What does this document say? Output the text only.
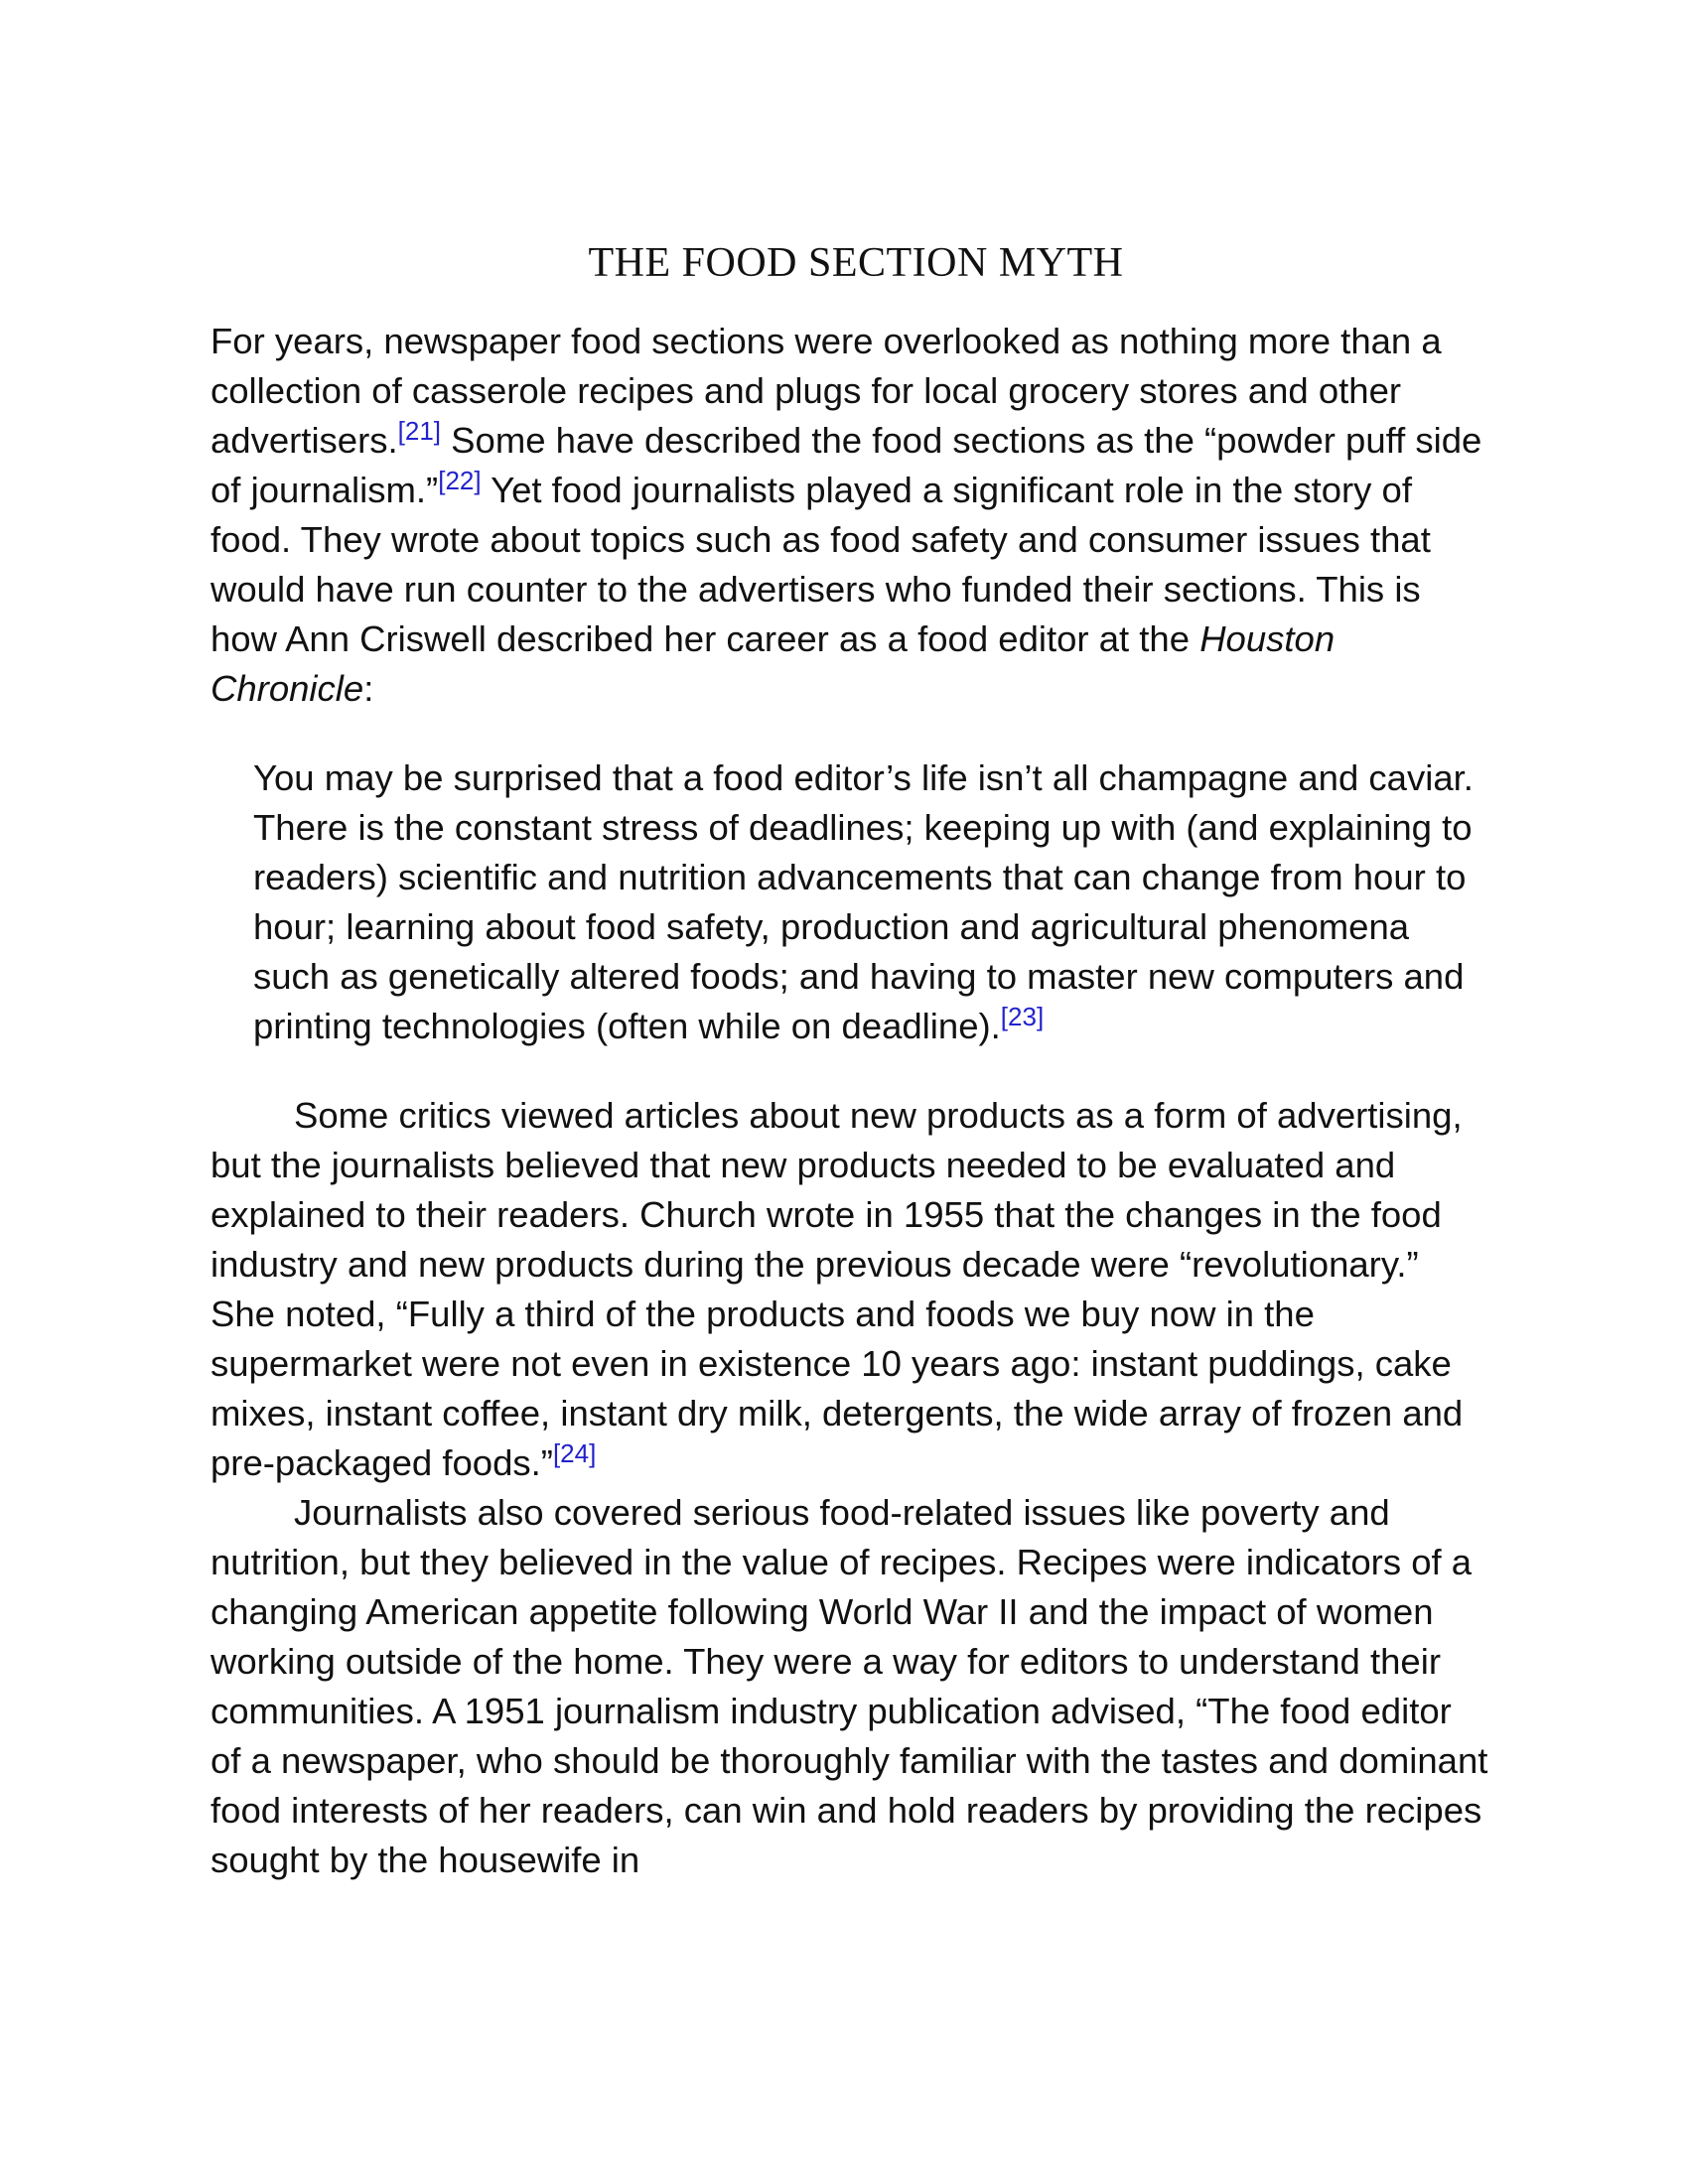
THE FOOD SECTION MYTH

For years, newspaper food sections were overlooked as nothing more than a collection of casserole recipes and plugs for local grocery stores and other advertisers.[21] Some have described the food sections as the “powder puff side of journalism.”[22] Yet food journalists played a significant role in the story of food. They wrote about topics such as food safety and consumer issues that would have run counter to the advertisers who funded their sections. This is how Ann Criswell described her career as a food editor at the Houston Chronicle:

You may be surprised that a food editor’s life isn’t all champagne and caviar. There is the constant stress of deadlines; keeping up with (and explaining to readers) scientific and nutrition advancements that can change from hour to hour; learning about food safety, production and agricultural phenomena such as genetically altered foods; and having to master new computers and printing technologies (often while on deadline).[23]

Some critics viewed articles about new products as a form of advertising, but the journalists believed that new products needed to be evaluated and explained to their readers. Church wrote in 1955 that the changes in the food industry and new products during the previous decade were “revolutionary.” She noted, “Fully a third of the products and foods we buy now in the supermarket were not even in existence 10 years ago: instant puddings, cake mixes, instant coffee, instant dry milk, detergents, the wide array of frozen and pre-packaged foods.”[24]

Journalists also covered serious food-related issues like poverty and nutrition, but they believed in the value of recipes. Recipes were indicators of a changing American appetite following World War II and the impact of women working outside of the home. They were a way for editors to understand their communities. A 1951 journalism industry publication advised, “The food editor of a newspaper, who should be thoroughly familiar with the tastes and dominant food interests of her readers, can win and hold readers by providing the recipes sought by the housewife in
